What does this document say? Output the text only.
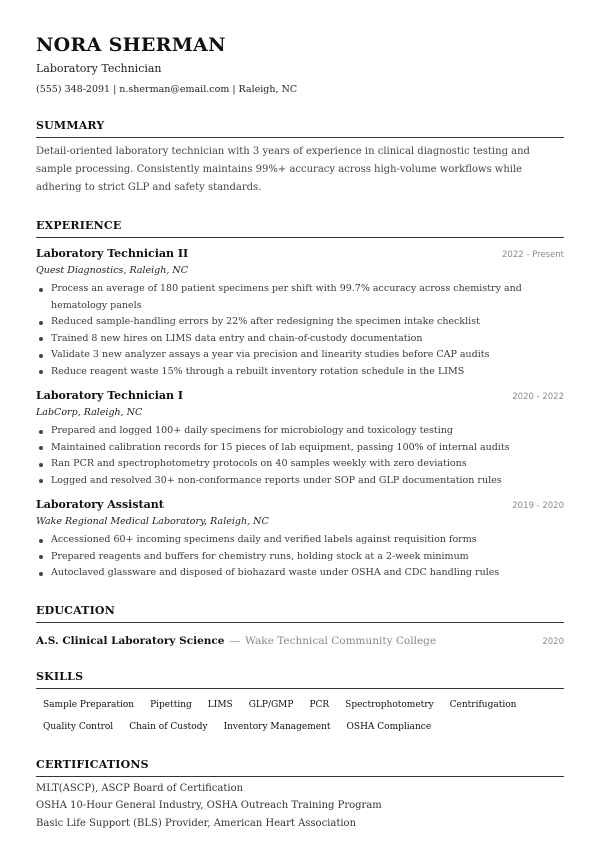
NORA SHERMAN
Laboratory Technician
(555) 348-2091 | n.sherman@email.com | Raleigh, NC
SUMMARY
Detail-oriented laboratory technician with 3 years of experience in clinical diagnostic testing and sample processing. Consistently maintains 99%+ accuracy across high-volume workflows while adhering to strict GLP and safety standards.
EXPERIENCE
Laboratory Technician II	2022 - Present
Quest Diagnostics, Raleigh, NC
Process an average of 180 patient specimens per shift with 99.7% accuracy across chemistry and hematology panels
Reduced sample-handling errors by 22% after redesigning the specimen intake checklist
Trained 8 new hires on LIMS data entry and chain-of-custody documentation
Validate 3 new analyzer assays a year via precision and linearity studies before CAP audits
Reduce reagent waste 15% through a rebuilt inventory rotation schedule in the LIMS
Laboratory Technician I	2020 - 2022
LabCorp, Raleigh, NC
Prepared and logged 100+ daily specimens for microbiology and toxicology testing
Maintained calibration records for 15 pieces of lab equipment, passing 100% of internal audits
Ran PCR and spectrophotometry protocols on 40 samples weekly with zero deviations
Logged and resolved 30+ non-conformance reports under SOP and GLP documentation rules
Laboratory Assistant	2019 - 2020
Wake Regional Medical Laboratory, Raleigh, NC
Accessioned 60+ incoming specimens daily and verified labels against requisition forms
Prepared reagents and buffers for chemistry runs, holding stock at a 2-week minimum
Autoclaved glassware and disposed of biohazard waste under OSHA and CDC handling rules
EDUCATION
A.S. Clinical Laboratory Science — Wake Technical Community College	2020
SKILLS
Sample Preparation	Pipetting	LIMS	GLP/GMP	PCR	Spectrophotometry	Centrifugation
Quality Control	Chain of Custody	Inventory Management	OSHA Compliance
CERTIFICATIONS
MLT(ASCP), ASCP Board of Certification
OSHA 10-Hour General Industry, OSHA Outreach Training Program
Basic Life Support (BLS) Provider, American Heart Association
